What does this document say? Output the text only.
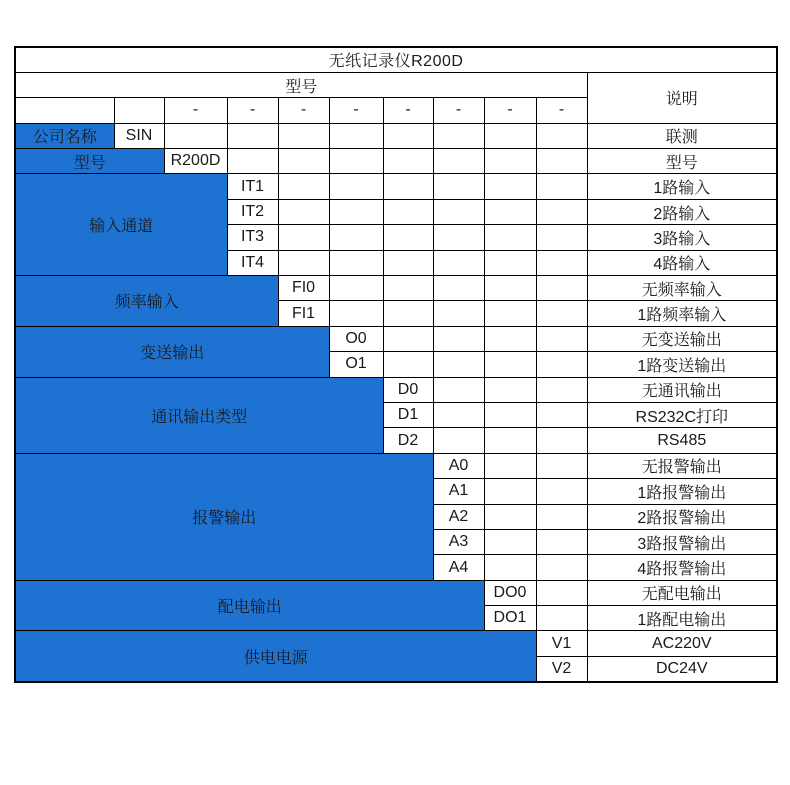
无纸记录仪R200D										
型号										说明
		-	-	-	-	-	-	-	-	
公司名称	SIN									联测
型号		R200D								型号
输入通道			IT1							1路输入
			IT2							2路输入
			IT3							3路输入
			IT4							4路输入
频率输入				FI0						无频率输入
				FI1						1路频率输入
变送输出					O0					无变送输出
					O1					1路变送输出
通讯输出类型						D0				无通讯输出
						D1				RS232C打印
						D2				RS485
报警输出							A0			无报警输出
							A1			1路报警输出
							A2			2路报警输出
							A3			3路报警输出
							A4			4路报警输出
配电输出								DO0		无配电输出
								DO1		1路配电输出
供电电源									V1	AC220V
									V2	DC24V
